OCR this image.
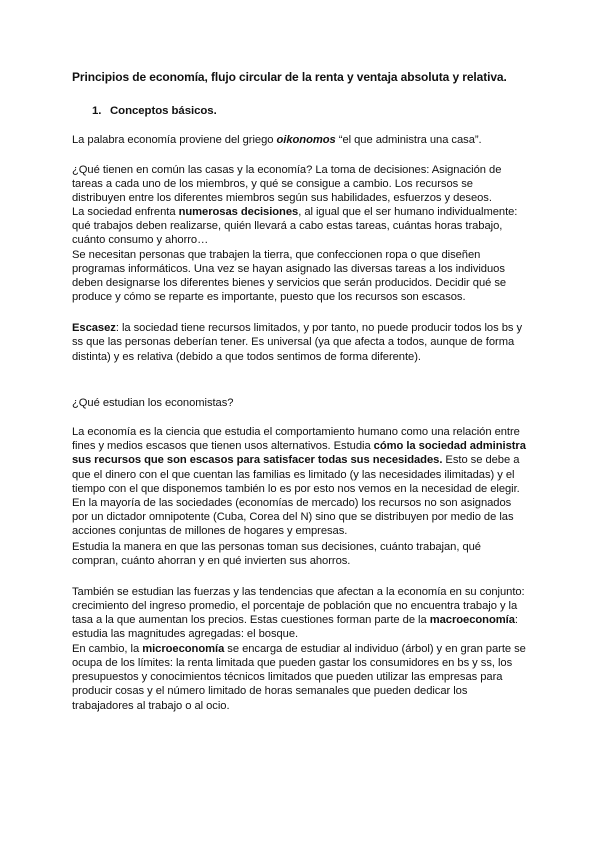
Principios de economía, flujo circular de la renta y ventaja absoluta y relativa.
1. Conceptos básicos.
La palabra economía proviene del griego oikonomos “el que administra una casa”.
¿Qué tienen en común las casas y la economía? La toma de decisiones: Asignación de
tareas a cada uno de los miembros, y qué se consigue a cambio. Los recursos se
distribuyen entre los diferentes miembros según sus habilidades, esfuerzos y deseos.
La sociedad enfrenta numerosas decisiones, al igual que el ser humano individualmente:
qué trabajos deben realizarse, quién llevará a cabo estas tareas, cuántas horas trabajo,
cuánto consumo y ahorro…
Se necesitan personas que trabajen la tierra, que confeccionen ropa o que diseñen
programas informáticos. Una vez se hayan asignado las diversas tareas a los individuos
deben designarse los diferentes bienes y servicios que serán producidos. Decidir qué se
produce y cómo se reparte es importante, puesto que los recursos son escasos.
Escasez: la sociedad tiene recursos limitados, y por tanto, no puede producir todos los bs y
ss que las personas deberían tener. Es universal (ya que afecta a todos, aunque de forma
distinta) y es relativa (debido a que todos sentimos de forma diferente).
¿Qué estudian los economistas?
La economía es la ciencia que estudia el comportamiento humano como una relación entre
fines y medios escasos que tienen usos alternativos. Estudia cómo la sociedad administra
sus recursos que son escasos para satisfacer todas sus necesidades. Esto se debe a
que el dinero con el que cuentan las familias es limitado (y las necesidades ilimitadas) y el
tiempo con el que disponemos también lo es por esto nos vemos en la necesidad de elegir.
En la mayoría de las sociedades (economías de mercado) los recursos no son asignados
por un dictador omnipotente (Cuba, Corea del N) sino que se distribuyen por medio de las
acciones conjuntas de millones de hogares y empresas.
Estudia la manera en que las personas toman sus decisiones, cuánto trabajan, qué
compran, cuánto ahorran y en qué invierten sus ahorros.
También se estudian las fuerzas y las tendencias que afectan a la economía en su conjunto:
crecimiento del ingreso promedio, el porcentaje de población que no encuentra trabajo y la
tasa a la que aumentan los precios. Estas cuestiones forman parte de la macroeconomía:
estudia las magnitudes agregadas: el bosque.
En cambio, la microeconomía se encarga de estudiar al individuo (árbol) y en gran parte se
ocupa de los límites: la renta limitada que pueden gastar los consumidores en bs y ss, los
presupuestos y conocimientos técnicos limitados que pueden utilizar las empresas para
producir cosas y el número limitado de horas semanales que pueden dedicar los
trabajadores al trabajo o al ocio.
